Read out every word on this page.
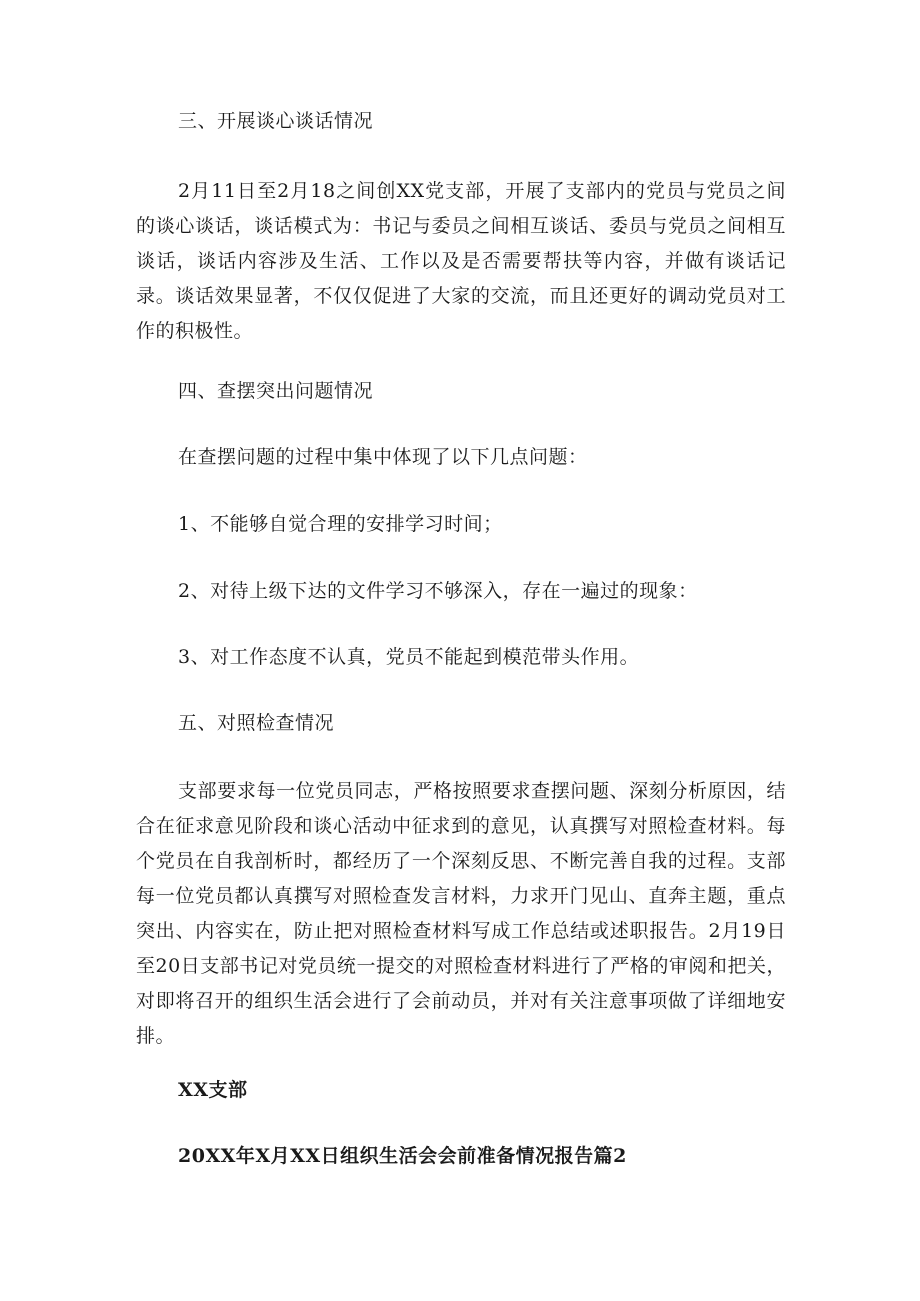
三、开展谈心谈话情况

2月11日至2月18之间创XX党支部，开展了支部内的党员与党员之间的谈心谈话，谈话模式为：书记与委员之间相互谈话、委员与党员之间相互谈话，谈话内容涉及生活、工作以及是否需要帮扶等内容，并做有谈话记录。谈话效果显著，不仅仅促进了大家的交流，而且还更好的调动党员对工作的积极性。

四、查摆突出问题情况

在查摆问题的过程中集中体现了以下几点问题：

1、不能够自觉合理的安排学习时间；

2、对待上级下达的文件学习不够深入，存在一遍过的现象：

3、对工作态度不认真，党员不能起到模范带头作用。

五、对照检查情况

支部要求每一位党员同志，严格按照要求查摆问题、深刻分析原因，结合在征求意见阶段和谈心活动中征求到的意见，认真撰写对照检查材料。每个党员在自我剖析时，都经历了一个深刻反思、不断完善自我的过程。支部每一位党员都认真撰写对照检查发言材料，力求开门见山、直奔主题，重点突出、内容实在，防止把对照检查材料写成工作总结或述职报告。2月19日至20日支部书记对党员统一提交的对照检查材料进行了严格的审阅和把关，对即将召开的组织生活会进行了会前动员，并对有关注意事项做了详细地安排。

XX支部

20XX年X月XX日组织生活会会前准备情况报告篇2
